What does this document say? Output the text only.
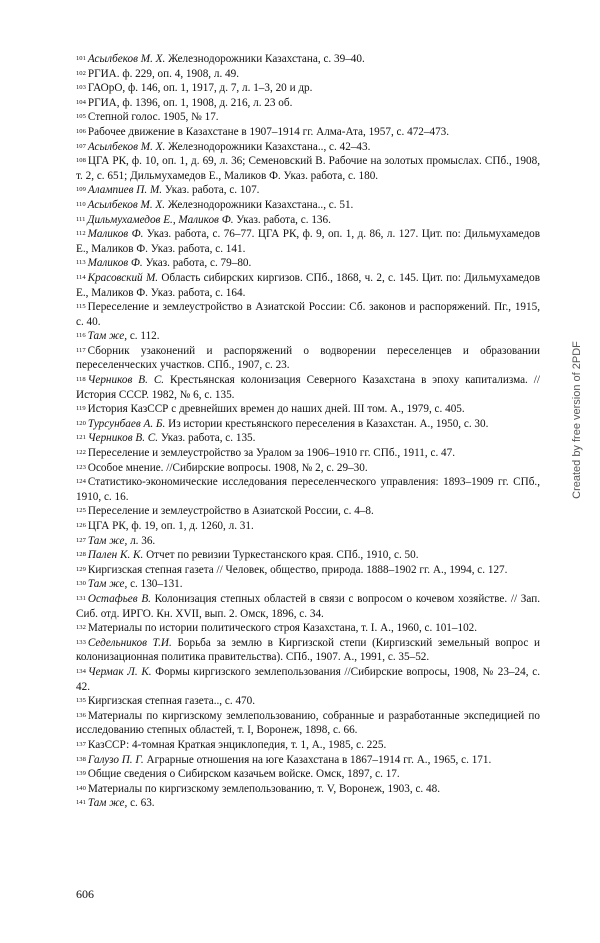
$^{101}$ Асылбеков М. Х. Железнодорожники Казахстана, с. 39–40.

$^{102}$ РГИА. ф. 229, оп. 4, 1908, л. 49.

$^{103}$ ГАОрО, ф. 146, оп. 1, 1917, д. 7, л. 1–3, 20 и др.

$^{104}$ РГИА, ф. 1396, оп. 1, 1908, д. 216, л. 23 об.

$^{105}$ Степной голос. 1905, № 17.

$^{106}$ Рабочее движение в Казахстане в 1907–1914 гг. Алма-Ата, 1957, с. 472–473.

$^{107}$ Асылбеков М. Х. Железнодорожники Казахстана.., с. 42–43.

$^{108}$ ЦГА РК, ф. 10, оп. 1, д. 69, л. 36; Семеновский В. Рабочие на золотых промыслах. СПб., 1908, т. 2, с. 651; Дильмухамедов Е., Маликов Ф. Указ. работа, с. 180.

$^{109}$ Алампиев П. М. Указ. работа, с. 107.

$^{110}$ Асылбеков М. Х. Железнодорожники Казахстана.., с. 51.

$^{111}$ Дильмухамедов Е., Маликов Ф. Указ. работа, с. 136.

$^{112}$ Маликов Ф. Указ. работа, с. 76–77. ЦГА РК, ф. 9, оп. 1, д. 86, л. 127. Цит. по: Дильмухамедов Е., Маликов Ф. Указ. работа, с. 141.

$^{113}$ Маликов Ф. Указ. работа, с. 79–80.

$^{114}$ Красовский М. Область сибирских киргизов. СПб., 1868, ч. 2, с. 145. Цит. по: Дильмухамедов Е., Маликов Ф. Указ. работа, с. 164.

$^{115}$ Переселение и землеустройство в Азиатской России: Сб. законов и распоряжений. Пг., 1915, с. 40.

$^{116}$ Там же, с. 112.

$^{117}$ Сборник узаконений и распоряжений о водворении переселенцев и образовании переселенческих участков. СПб., 1907, с. 23.

$^{118}$ Черников В. С. Крестьянская колонизация Северного Казахстана в эпоху капитализма. //История СССР. 1982, № 6, с. 135.

$^{119}$ История КазССР с древнейших времен до наших дней. III том. А., 1979, с. 405.

$^{120}$ Турсунбаев А. Б. Из истории крестьянского переселения в Казахстан. А., 1950, с. 30.

$^{121}$ Черников В. С. Указ. работа, с. 135.

$^{122}$ Переселение и землеустройство за Уралом за 1906–1910 гг. СПб., 1911, с. 47.

$^{123}$ Особое мнение. //Сибирские вопросы. 1908, № 2, с. 29–30.

$^{124}$ Статистико-экономические исследования переселенческого управления: 1893–1909 гг. СПб., 1910, с. 16.

$^{125}$ Переселение и землеустройство в Азиатской России, с. 4–8.

$^{126}$ ЦГА РК, ф. 19, оп. 1, д. 1260, л. 31.

$^{127}$ Там же, л. 36.

$^{128}$ Пален К. К. Отчет по ревизии Туркестанского края. СПб., 1910, с. 50.

$^{129}$ Киргизская степная газета // Человек, общество, природа. 1888–1902 гг. А., 1994, с. 127.

$^{130}$ Там же, с. 130–131.

$^{131}$ Остафьев В. Колонизация степных областей в связи с вопросом о кочевом хозяйстве. // Зап. Сиб. отд. ИРГО. Кн. XVII, вып. 2. Омск, 1896, с. 34.

$^{132}$ Материалы по истории политического строя Казахстана, т. I. А., 1960, с. 101–102.

$^{133}$ Седельников Т.И. Борьба за землю в Киргизской степи (Киргизский земельный вопрос и колонизационная политика правительства). СПб., 1907. А., 1991, с. 35–52.

$^{134}$ Чермак Л. К. Формы киргизского землепользования //Сибирские вопросы, 1908, № 23–24, с. 42.

$^{135}$ Киргизская степная газета.., с. 470.

$^{136}$ Материалы по киргизскому землепользованию, собранные и разработанные экспедицией по исследованию степных областей, т. I, Воронеж, 1898, с. 66.

$^{137}$ КазССР: 4-томная Краткая энциклопедия, т. 1, А., 1985, с. 225.

$^{138}$ Галузо П. Г. Аграрные отношения на юге Казахстана в 1867–1914 гг. А., 1965, с. 171.

$^{139}$ Общие сведения о Сибирском казачьем войске. Омск, 1897, с. 17.

$^{140}$ Материалы по киргизскому землепользованию, т. V, Воронеж, 1903, с. 48.

$^{141}$ Там же, с. 63.

606
Created by free version of 2PDF
